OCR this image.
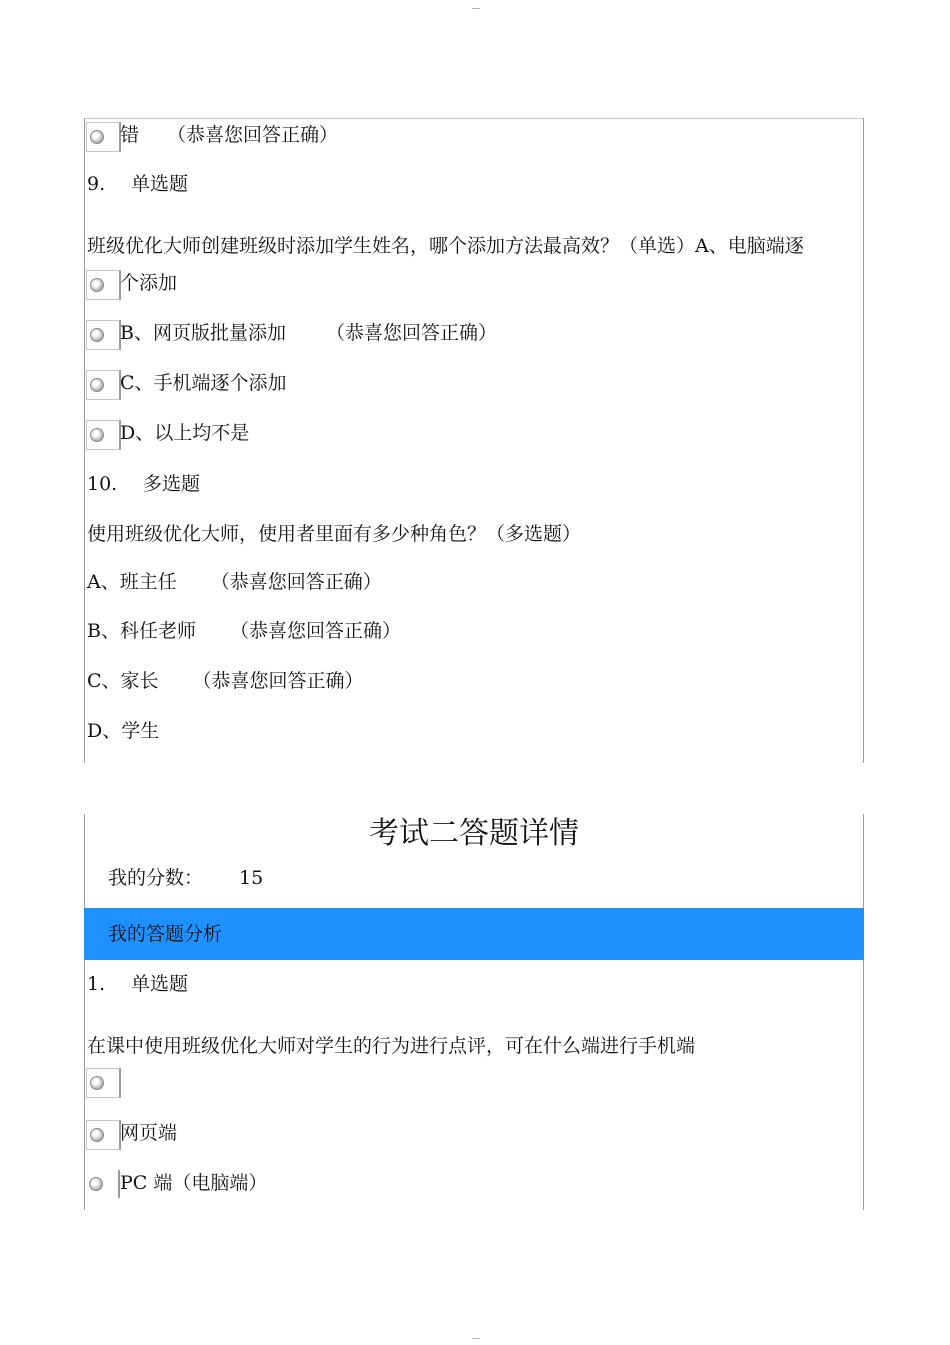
错 （恭喜您回答正确）
9. 单选题
班级优化大师创建班级时添加学生姓名，哪个添加方法最高效？（单选）A、电脑端逐
个添加
B、网页版批量添加 （恭喜您回答正确）
C、手机端逐个添加
D、以上均不是
10. 多选题
使用班级优化大师，使用者里面有多少种角色？（多选题）
A、班主任 （恭喜您回答正确）
B、科任老师 （恭喜您回答正确）
C、家长 （恭喜您回答正确）
D、学生
考试二答题详情
我的分数： 15
我的答题分析
1. 单选题
在课中使用班级优化大师对学生的行为进行点评，可在什么端进行手机端
网页端
PC 端（电脑端）
